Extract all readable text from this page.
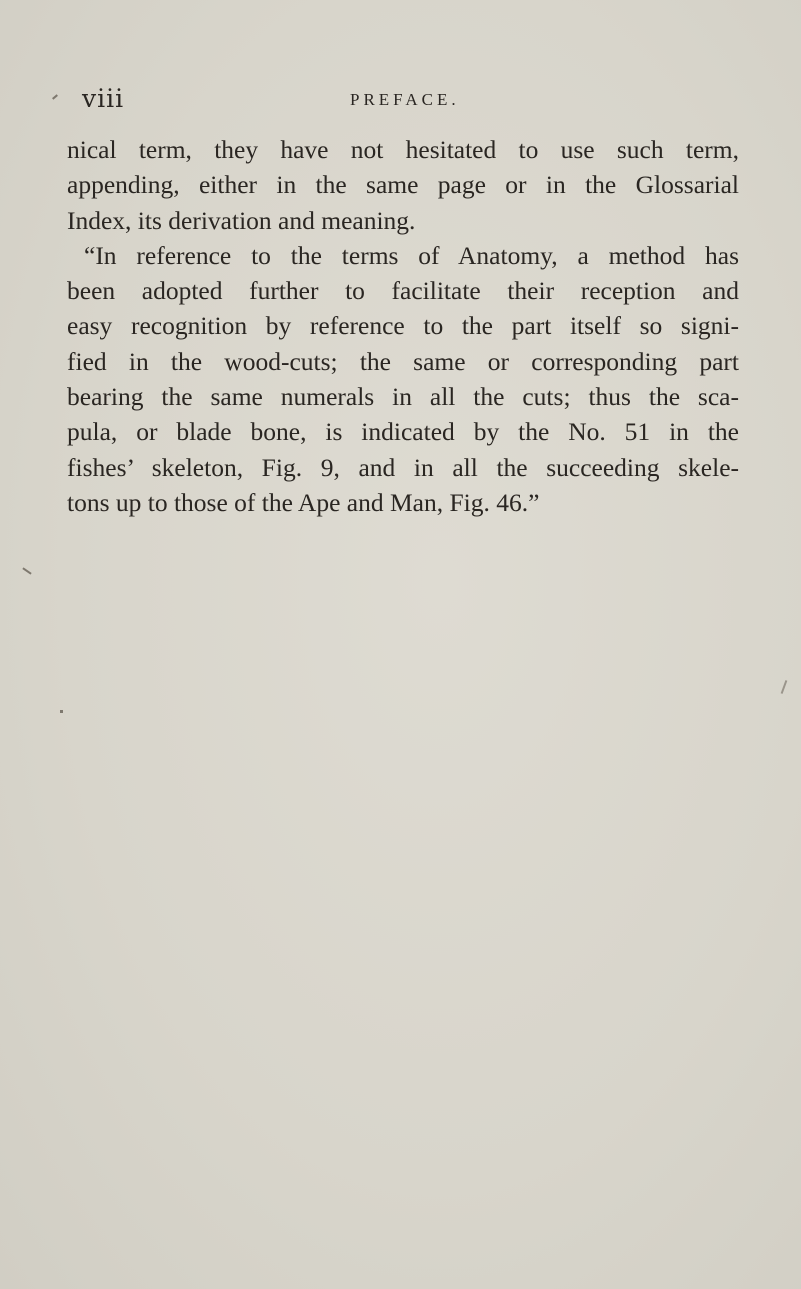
viii	PREFACE.

nical term, they have not hesitated to use such term,
appending, either in the same page or in the Glossarial
Index, its derivation and meaning.

“In reference to the terms of Anatomy, a method has
been adopted further to facilitate their reception and
easy recognition by reference to the part itself so signi-
fied in the wood-cuts; the same or corresponding part
bearing the same numerals in all the cuts; thus the sca-
pula, or blade bone, is indicated by the No. 51 in the
fishes’ skeleton, Fig. 9, and in all the succeeding skele-
tons up to those of the Ape and Man, Fig. 46.”
